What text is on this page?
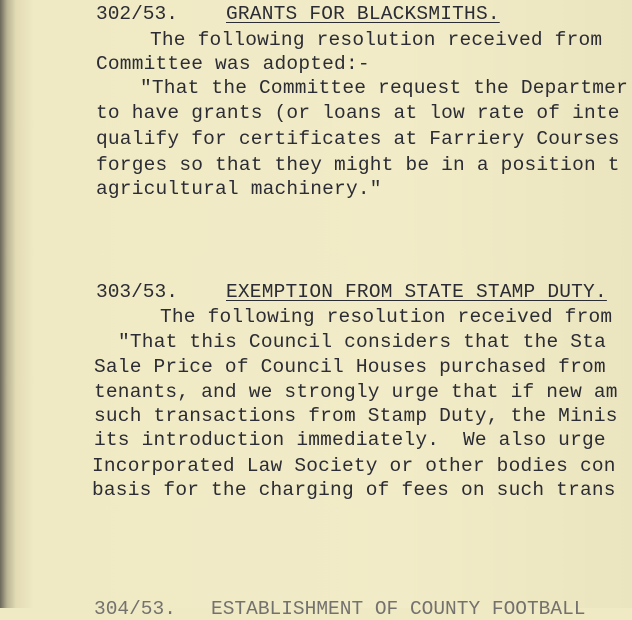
302/53. GRANTS FOR BLACKSMITHS.
The following resolution received from
Committee was adopted:-
"That the Committee request the Departmer
to have grants (or loans at low rate of inte
qualify for certificates at Farriery Courses
forges so that they might be in a position t
agricultural machinery."
303/53. EXEMPTION FROM STATE STAMP DUTY.
The following resolution received from
"That this Council considers that the Sta
Sale Price of Council Houses purchased from
tenants, and we strongly urge that if new am
such transactions from Stamp Duty, the Minis
its introduction immediately.  We also urge
Incorporated Law Society or other bodies con
basis for the charging of fees on such trans
304/53.   ESTABLISHMENT OF COUNTY FOOTBALL
